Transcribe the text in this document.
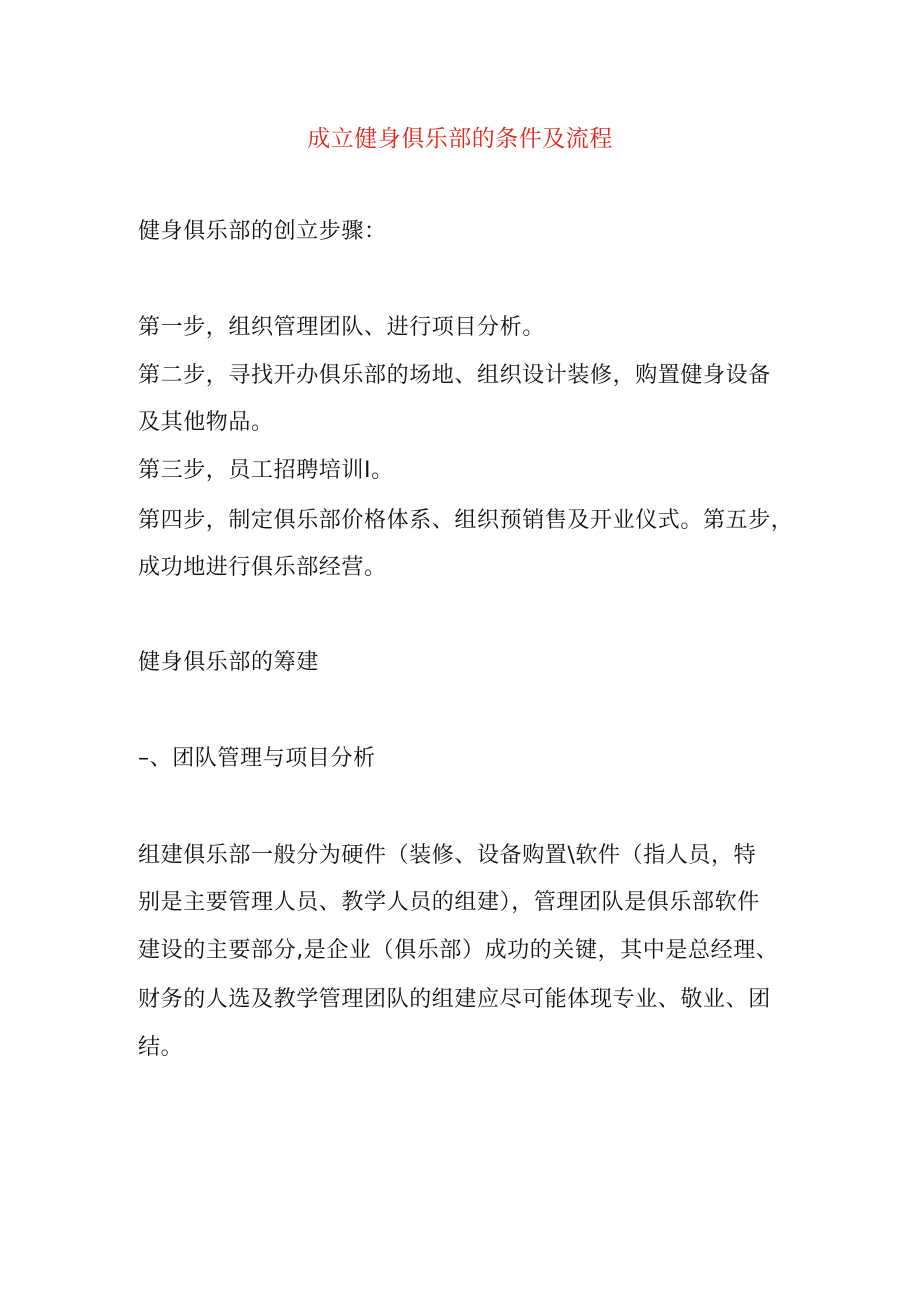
成立健身俱乐部的条件及流程
健身俱乐部的创立步骤：
第一步，组织管理团队、进行项目分析。
第二步，寻找开办俱乐部的场地、组织设计装修，购置健身设备
及其他物品。
第三步，员工招聘培训Ⅰ。
第四步，制定俱乐部价格体系、组织预销售及开业仪式。第五步，
成功地进行俱乐部经营。
健身俱乐部的筹建
–、团队管理与项目分析
组建俱乐部一般分为硬件（装修、设备购置\软件（指人员，特
别是主要管理人员、教学人员的组建），管理团队是俱乐部软件
建设的主要部分,是企业（俱乐部）成功的关键，其中是总经理、
财务的人选及教学管理团队的组建应尽可能体现专业、敬业、团
结。
